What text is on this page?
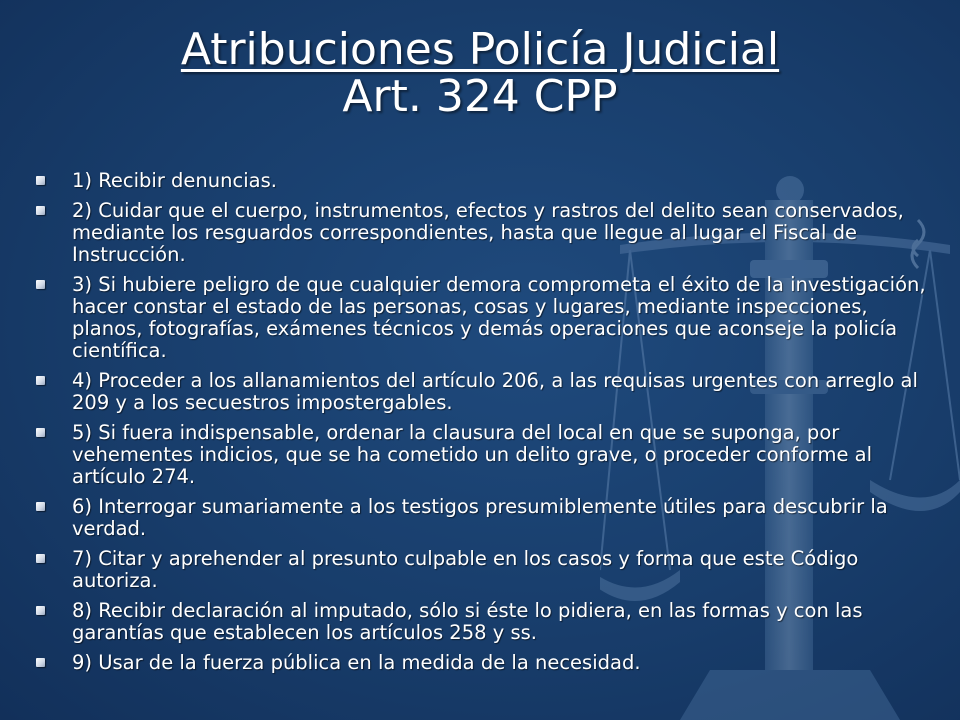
Atribuciones Policía Judicial
Art. 324 CPP
1) Recibir denuncias.
2) Cuidar que el cuerpo, instrumentos, efectos y rastros del delito sean conservados, mediante los resguardos correspondientes, hasta que llegue al lugar el Fiscal de Instrucción.
3) Si hubiere peligro de que cualquier demora comprometa el éxito de la investigación, hacer constar el estado de las personas, cosas y lugares, mediante inspecciones, planos, fotografías, exámenes técnicos y demás operaciones que aconseje la policía científica.
4) Proceder a los allanamientos del artículo 206, a las requisas urgentes con arreglo al 209 y a los secuestros impostergables.
5) Si fuera indispensable, ordenar la clausura del local en que se suponga, por vehementes indicios, que se ha cometido un delito grave, o proceder conforme al artículo 274.
6) Interrogar sumariamente a los testigos presumiblemente útiles para descubrir la verdad.
7) Citar y aprehender al presunto culpable en los casos y forma que este Código autoriza.
8) Recibir declaración al imputado, sólo si éste lo pidiera, en las formas y con las garantías que establecen los artículos 258 y ss.
9) Usar de la fuerza pública en la medida de la necesidad.
